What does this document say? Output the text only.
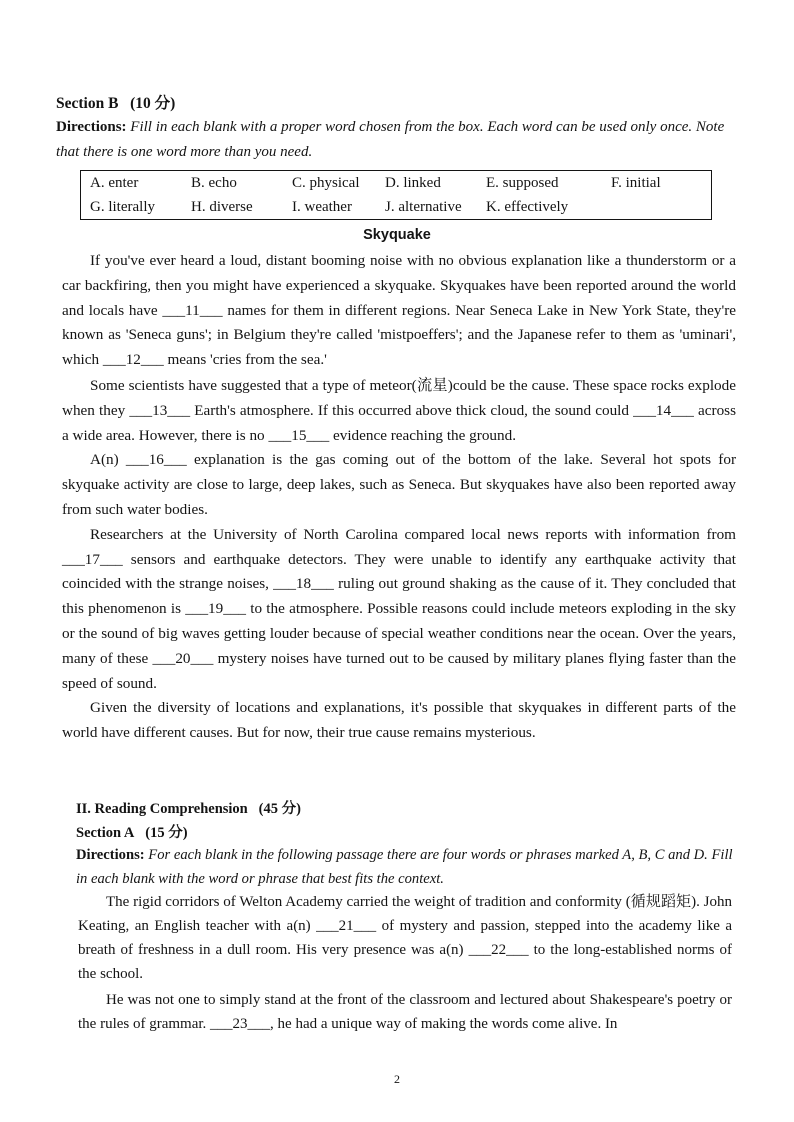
Section B (10 分)
Directions: Fill in each blank with a proper word chosen from the box. Each word can be used only once. Note that there is one word more than you need.
A. enter	B. echo	C. physical D. linked	E. supposed	F. initial
G. literally H. diverse	I. weather J. alternative K. effectively
Skyquake

If you've ever heard a loud, distant booming noise with no obvious explanation like a thunderstorm or a car backfiring, then you might have experienced a skyquake. Skyquakes have been reported around the world and locals have ___11___ names for them in different regions. Near Seneca Lake in New York State, they're known as 'Seneca guns'; in Belgium they're called 'mistpoeffers'; and the Japanese refer to them as 'uminari', which ___12___ means 'cries from the sea.'

Some scientists have suggested that a type of meteor(流星)could be the cause. These space rocks explode when they ___13___ Earth's atmosphere. If this occurred above thick cloud, the sound could ___14___ across a wide area. However, there is no ___15___ evidence reaching the ground.

A(n) ___16___ explanation is the gas coming out of the bottom of the lake. Several hot spots for skyquake activity are close to large, deep lakes, such as Seneca. But skyquakes have also been reported away from such water bodies.

Researchers at the University of North Carolina compared local news reports with information from ___17___ sensors and earthquake detectors. They were unable to identify any earthquake activity that coincided with the strange noises, ___18___ ruling out ground shaking as the cause of it. They concluded that this phenomenon is ___19___ to the atmosphere. Possible reasons could include meteors exploding in the sky or the sound of big waves getting louder because of special weather conditions near the ocean. Over the years, many of these ___20___ mystery noises have turned out to be caused by military planes flying faster than the speed of sound.

Given the diversity of locations and explanations, it's possible that skyquakes in different parts of the world have different causes. But for now, their true cause remains mysterious.

II. Reading Comprehension (45 分)
Section A (15 分)
Directions: For each blank in the following passage there are four words or phrases marked A, B, C and D. Fill in each blank with the word or phrase that best fits the context.

The rigid corridors of Welton Academy carried the weight of tradition and conformity (循规蹈矩). John Keating, an English teacher with a(n) ___21___ of mystery and passion, stepped into the academy like a breath of freshness in a dull room. His very presence was a(n) ___22___ to the long-established norms of the school.

He was not one to simply stand at the front of the classroom and lectured about Shakespeare's poetry or the rules of grammar. ___23___, he had a unique way of making the words come alive. In

2
